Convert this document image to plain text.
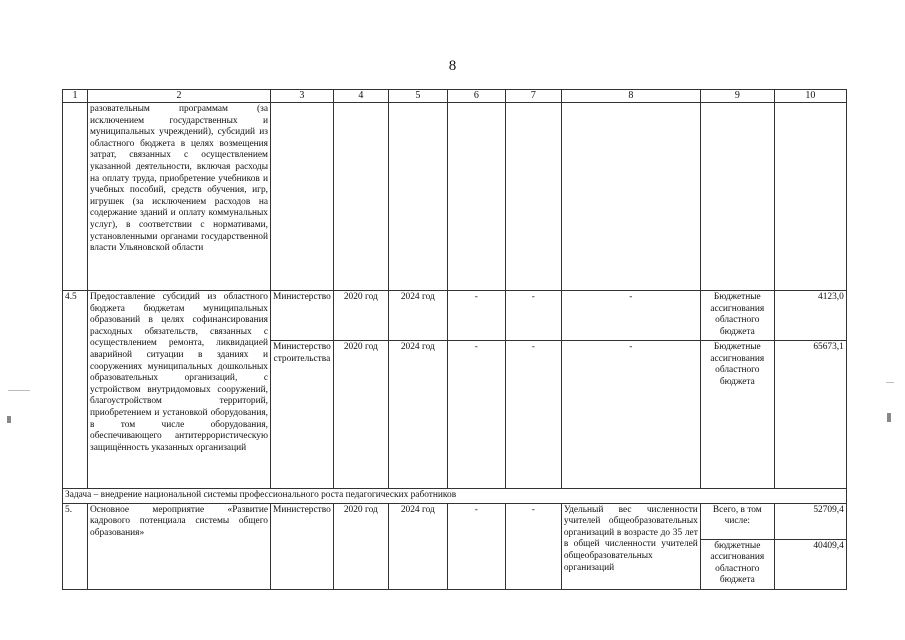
8
1	2	3	4	5	6	7	8	9	10
	разовательным программам (за исключением государственных и муниципальных учреждений), субсидий из областного бюджета в целях возмещения затрат, связанных с осуществлением указанной деятельности, включая расходы на оплату труда, приобретение учебников и учебных пособий, средств обучения, игр, игрушек (за исключением расходов на содержание зданий и оплату коммунальных услуг), в соответствии с нормативами, установленными органами государственной власти Ульяновской области								
4.5	Предоставление субсидий из областного бюджета бюджетам муниципальных образований в целях софинансирования расходных обязательств, связанных с осуществлением ремонта, ликвидацией аварийной ситуации в зданиях и сооружениях муниципальных дошкольных образовательных организаций, с устройством внутридомовых сооружений, благоустройством территорий, приобретением и установкой оборудования, в том числе оборудования, обеспечивающего антитеррористическую защищённость указанных организаций	Министерство	2020 год	2024 год	-	-	-	Бюджетные ассигнования областного бюджета	4123,0
		Министерство строительства	2020 год	2024 год	-	-	-	Бюджетные ассигнования областного бюджета	65673,1
Задача – внедрение национальной системы профессионального роста педагогических работников									
5.	Основное мероприятие «Развитие кадрового потенциала системы общего образования»	Министерство	2020 год	2024 год	-	-	Удельный вес численности учителей общеобразовательных организаций в возрасте до 35 лет в общей численности учителей общеобразовательных организаций	Всего, в том числе:	52709,4
								бюджетные ассигнования областного бюджета	40409,4
